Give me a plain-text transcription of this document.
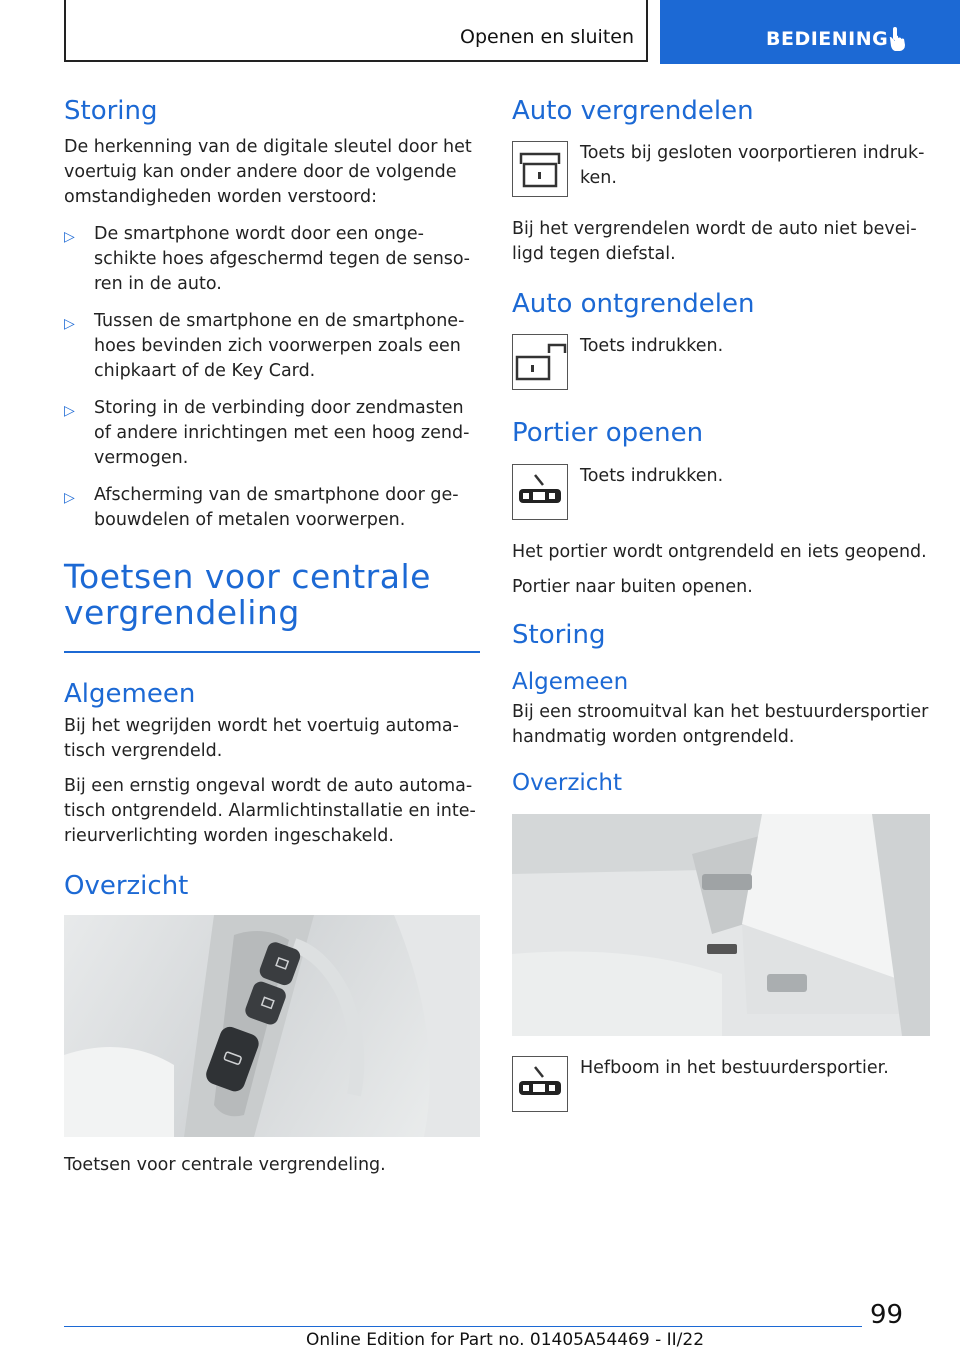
Openen en sluiten	BEDIENING
Storing

De herkenning van de digitale sleutel door het voertuig kan onder andere door de volgende omstandigheden worden verstoord:

▷ De smartphone wordt door een ongeschikte hoes afgeschermd tegen de sensoren in de auto.
▷ Tussen de smartphone en de smartphonehoes bevinden zich voorwerpen zoals een chipkaart of de Key Card.
▷ Storing in de verbinding door zendmasten of andere inrichtingen met een hoog zendvermogen.
▷ Afscherming van de smartphone door gebouwdelen of metalen voorwerpen.
Toetsen voor centrale
vergrendeling
Algemeen

Bij het wegrijden wordt het voertuig automatisch vergrendeld.

Bij een ernstig ongeval wordt de auto automatisch ontgrendeld. Alarmlichtinstallatie en interieurverlichting worden ingeschakeld.

Overzicht

Toetsen voor centrale vergrendeling.

Auto vergrendelen

Toets bij gesloten voorportieren indrukken.

Bij het vergrendelen wordt de auto niet beveiligd tegen diefstal.

Auto ontgrendelen

Toets indrukken.

Portier openen

Toets indrukken.

Het portier wordt ontgrendeld en iets geopend.

Portier naar buiten openen.

Storing
Algemeen

Bij een stroomuitval kan het bestuurdersportier handmatig worden ontgrendeld.

Overzicht

Hefboom in het bestuurdersportier.

99
Online Edition for Part no. 01405A54469 - II/22
